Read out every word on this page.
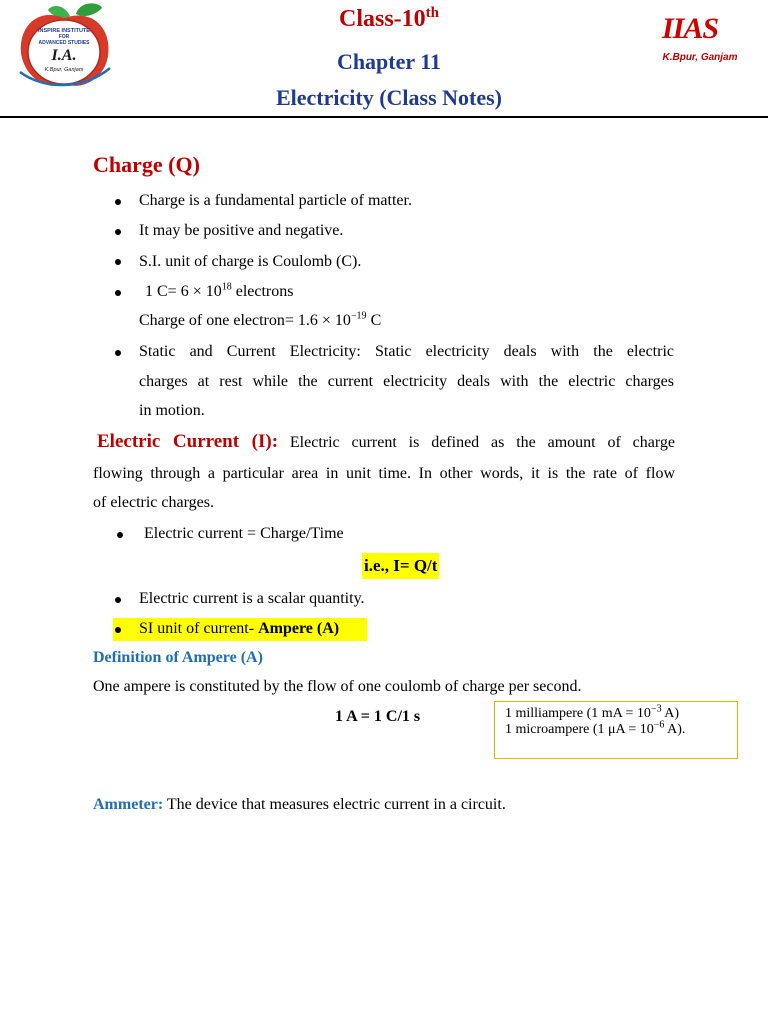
INSPIRE INSTITUTE
FOR
ADVANCED STUDIES
I.A.
K.Bpur, Ganjam
Class-10th
Chapter 11
Electricity (Class Notes)
IIAS
K.Bpur, Ganjam
Charge (Q)
Charge is a fundamental particle of matter.
It may be positive and negative.
S.I. unit of charge is Coulomb (C).
1 $C= 6 \times 10^{18}$ electrons
Charge of one electron= $1.6 \times 10^{-19}$ C
Static and Current Electricity: Static electricity deals with the electric
charges at rest while the current electricity deals with the electric charges
in motion.
Electric Current (I): Electric current is defined as the amount of charge
flowing through a particular area in unit time. In other words, it is the rate of flow
of electric charges.
Electric current = Charge/Time
i.e., I= Q/t
Electric current is a scalar quantity.
SI unit of current- Ampere (A)
Definition of Ampere (A)
One ampere is constituted by the flow of one coulomb of charge per second.
1 A = 1 C/1 s	1 milliampere (1 mA = $10^{-3}$ A)
1 microampere (1 $\mu A = 10^{-6}$ A).
Ammeter: The device that measures electric current in a circuit.
